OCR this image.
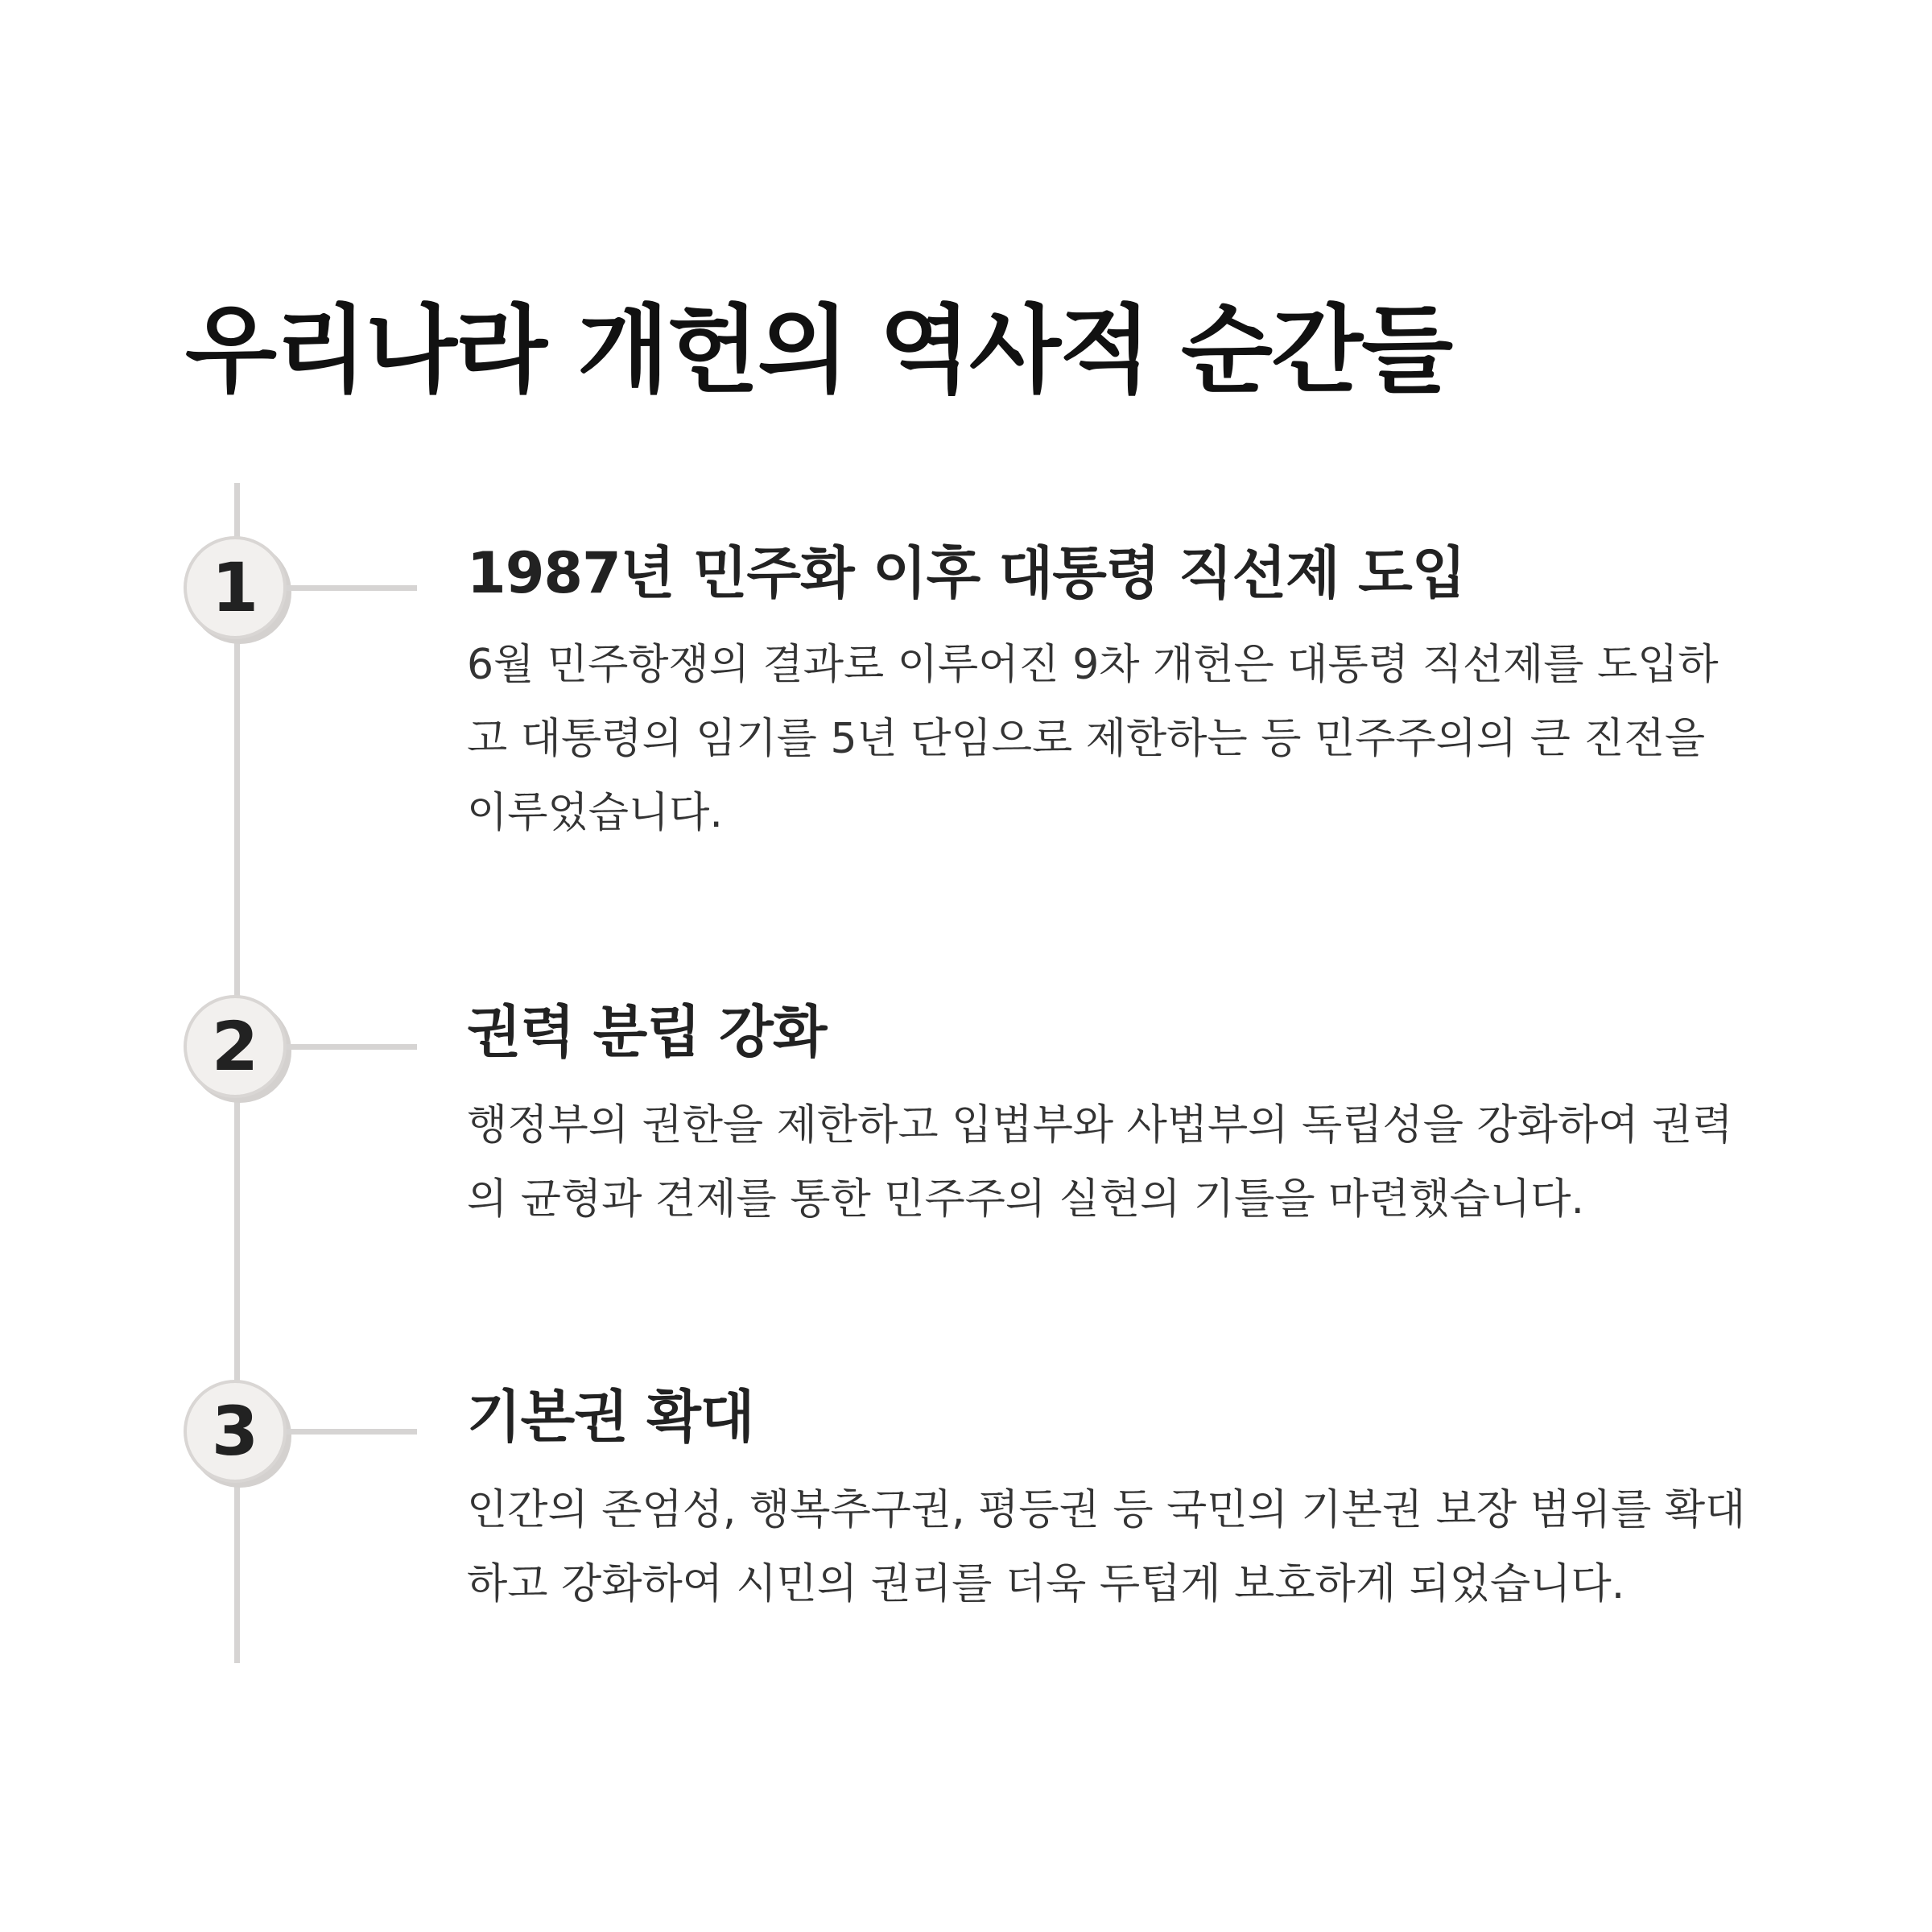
우리나라 개헌의 역사적 순간들
1	1987년 민주화 이후 대통령 직선제 도입

6월 민주항쟁의 결과로 이루어진 9차 개헌은 대통령 직선제를 도입하고 대통령의 임기를 5년 단임으로 제한하는 등 민주주의의 큰 진전을 이루었습니다.

2	권력 분립 강화

행정부의 권한을 제한하고 입법부와 사법부의 독립성을 강화하여 권력의 균형과 견제를 통한 민주주의 실현의 기틀을 마련했습니다.

3	기본권 확대

인간의 존엄성, 행복추구권, 평등권 등 국민의 기본권 보장 범위를 확대하고 강화하여 시민의 권리를 더욱 두텁게 보호하게 되었습니다.
